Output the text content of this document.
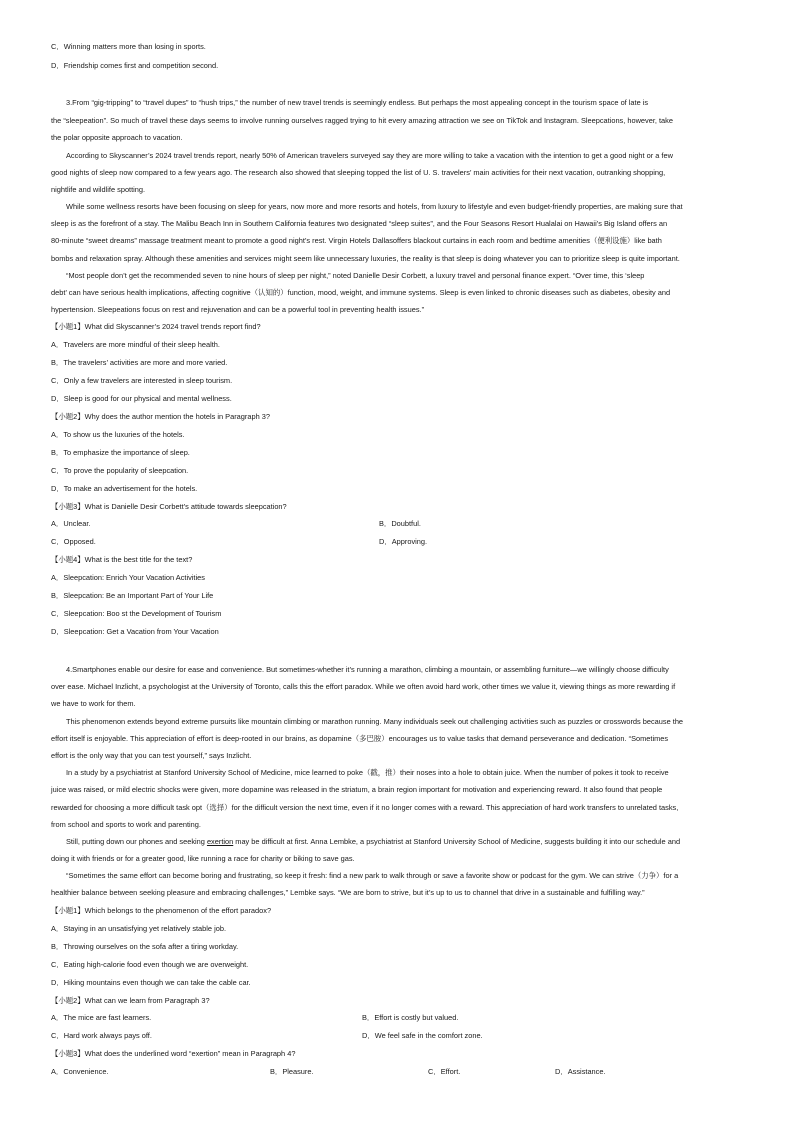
C．Winning matters more than losing in sports.
D．Friendship comes first and competition second.
3.From “gig-tripping” to “travel dupes” to “hush trips,” the number of new travel trends is seemingly endless. But perhaps the most appealing concept in the tourism space of late is
the “sleepeation”. So much of travel these days seems to involve running ourselves ragged trying to hit every amazing attraction we see on TikTok and Instagram. Sleepcations, however, take
the polar opposite approach to vacation.
According to Skyscanner’s 2024 travel trends report, nearly 50% of American travelers surveyed say they are more willing to take a vacation with the intention to get a good night or a few
good nights of sleep now compared to a few years ago. The research also showed that sleeping topped the list of U. S. travelers’ main activities for their next vacation, outranking shopping,
nightlife and wildlife spotting.
While some wellness resorts have been focusing on sleep for years, now more and more resorts and hotels, from luxury to lifestyle and even budget-friendly properties, are making sure that
sleep is as the forefront of a stay. The Malibu Beach Inn in Southern California features two designated “sleep suites”, and the Four Seasons Resort Hualalai on Hawaii’s Big Island offers an
80-minute “sweet dreams” massage treatment meant to promote a good night’s rest. Virgin Hotels Dallasoffers blackout curtains in each room and bedtime amenities（便利设施）like bath
bombs and relaxation spray. Although these amenities and services might seem like unnecessary luxuries, the reality is that sleep is doing whatever you can to prioritize sleep is quite important.
“Most people don’t get the recommended seven to nine hours of sleep per night,” noted Danielle Desir Corbett, a luxury travel and personal finance expert. “Over time, this ‘sleep
debt’ can have serious health implications, affecting cognitive（认知的）function, mood, weight, and immune systems. Sleep is even linked to chronic diseases such as diabetes, obesity and
hypertension. Sleepeations focus on rest and rejuvenation and can be a powerful tool in preventing health issues.”
【小题1】What did Skyscanner’s 2024 travel trends report find?
A．Travelers are more mindful of their sleep health.
B．The travelers’ activities are more and more varied.
C．Only a few travelers are interested in sleep tourism.
D．Sleep is good for our physical and mental wellness.
【小题2】Why does the author mention the hotels in Paragraph 3?
A．To show us the luxuries of the hotels.
B．To emphasize the importance of sleep.
C．To prove the popularity of sleepcation.
D．To make an advertisement for the hotels.
【小题3】What is Danielle Desir Corbett’s attitude towards sleepcation?
A．Unclear.	B．Doubtful.
C．Opposed.	D．Approving.
【小题4】What is the best title for the text?
A．Sleepcation: Enrich Your Vacation Activities
B．Sleepcation: Be an Important Part of Your Life
C．Sleepcation: Boo st the Development of Tourism
D．Sleepcation: Get a Vacation from Your Vacation
4.Smartphones enable our desire for ease and convenience. But sometimes-whether it’s running a marathon, climbing a mountain, or assembling furniture—we willingly choose difficulty
over ease. Michael Inzlicht, a psychologist at the University of Toronto, calls this the effort paradox. While we often avoid hard work, other times we value it, viewing things as more rewarding if
we have to work for them.
This phenomenon extends beyond extreme pursuits like mountain climbing or marathon running. Many individuals seek out challenging activities such as puzzles or crosswords because the
effort itself is enjoyable. This appreciation of effort is deep-rooted in our brains, as dopamine（多巴胺）encourages us to value tasks that demand perseverance and dedication. “Sometimes
effort is the only way that you can test yourself,” says Inzlicht.
In a study by a psychiatrist at Stanford University School of Medicine, mice learned to poke（戳，推）their noses into a hole to obtain juice. When the number of pokes it took to receive
juice was raised, or mild electric shocks were given, more dopamine was released in the striatum, a brain region important for motivation and experiencing reward. It also found that people
rewarded for choosing a more difficult task opt（选择）for the difficult version the next time, even if it no longer comes with a reward. This appreciation of hard work transfers to unrelated tasks,
from school and sports to work and parenting.
Still, putting down our phones and seeking exertion may be difficult at first. Anna Lembke, a psychiatrist at Stanford University School of Medicine, suggests building it into our schedule and
doing it with friends or for a greater good, like running a race for charity or biking to save gas.
“Sometimes the same effort can become boring and frustrating, so keep it fresh: find a new park to walk through or save a favorite show or podcast for the gym. We can strive（力争）for a
healthier balance between seeking pleasure and embracing challenges,” Lembke says. “We are born to strive, but it’s up to us to channel that drive in a sustainable and fulfilling way.”
【小题1】Which belongs to the phenomenon of the effort paradox?
A．Staying in an unsatisfying yet relatively stable job.
B．Throwing ourselves on the sofa after a tiring workday.
C．Eating high-calorie food even though we are overweight.
D．Hiking mountains even though we can take the cable car.
【小题2】What can we learn from Paragraph 3?
A．The mice are fast learners.	B．Effort is costly but valued.
C．Hard work always pays off.	D．We feel safe in the comfort zone.
【小题3】What does the underlined word “exertion” mean in Paragraph 4?
A．Convenience.	B．Pleasure.	C．Effort.	D．Assistance.
